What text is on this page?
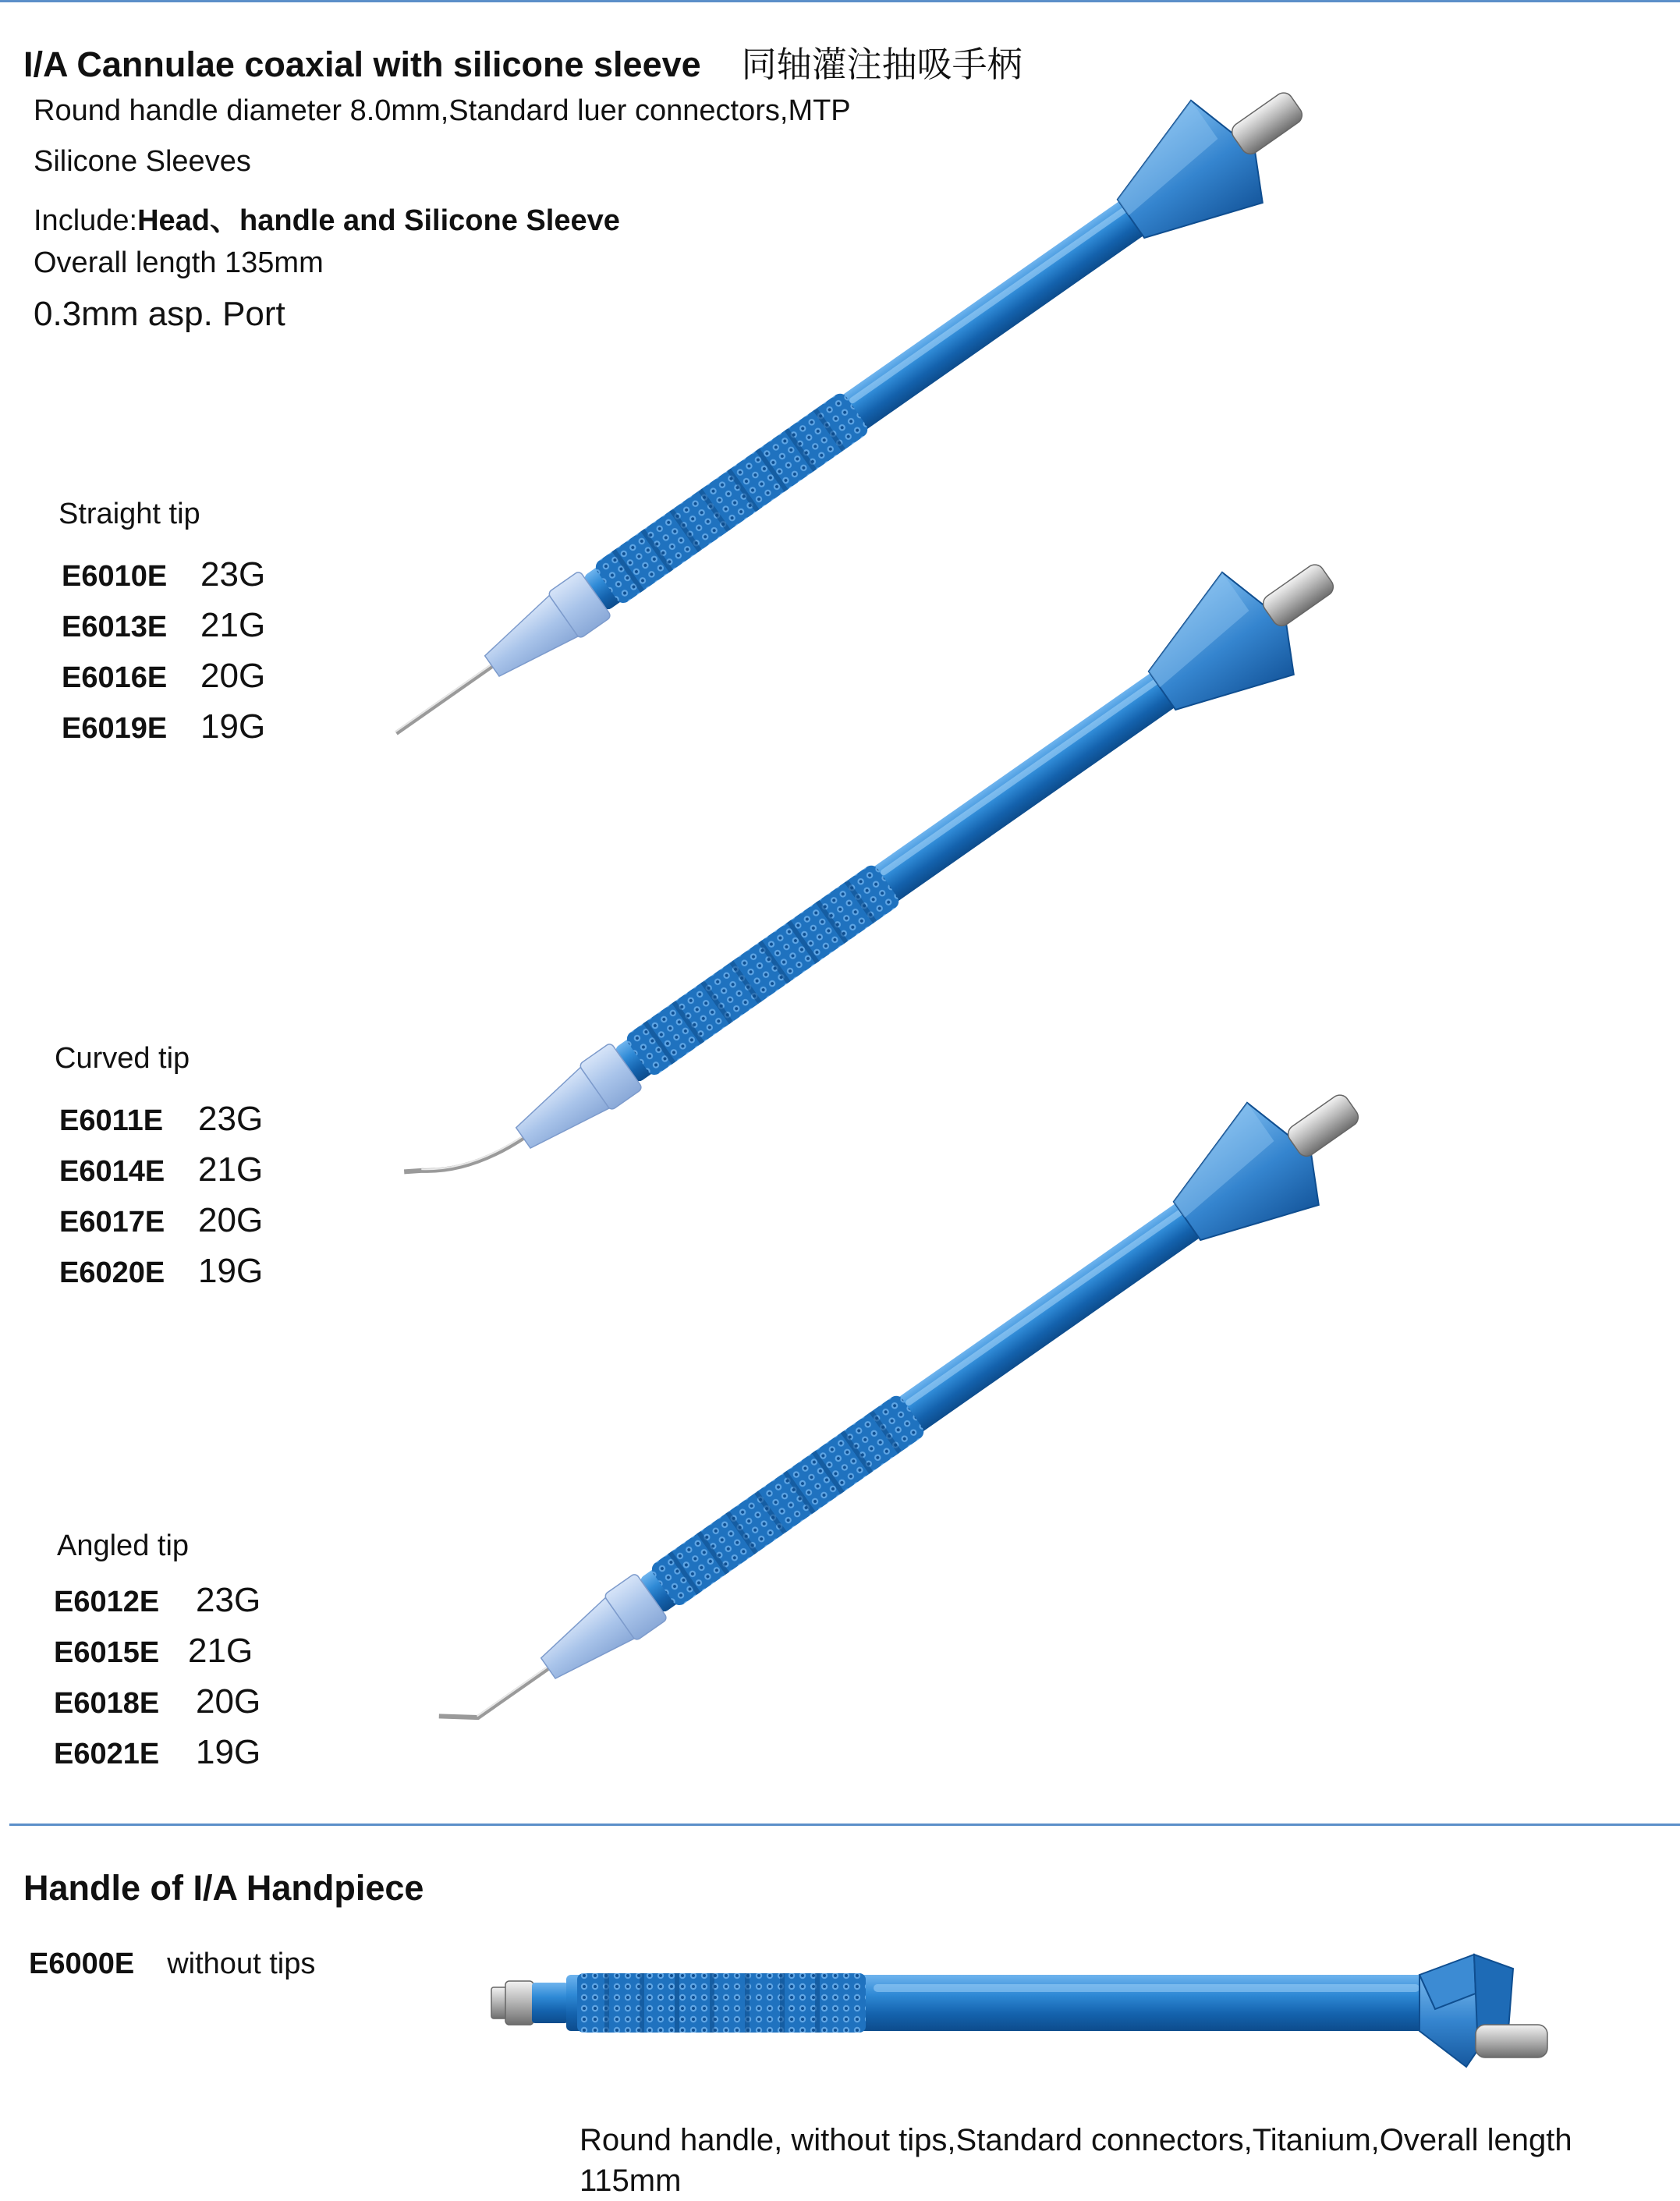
I/A Cannulae coaxial with silicone sleeve 同轴灌注抽吸手柄
Round handle diameter 8.0mm,Standard luer connectors,MTP
Silicone Sleeves
Include:Head、handle and Silicone Sleeve
Overall length 135mm
0.3mm asp. Port
Straight tip
E6010E 23G
E6013E 21G
E6016E 20G
E6019E 19G
Curved tip
E6011E 23G
E6014E 21G
E6017E 20G
E6020E 19G
Angled tip
E6012E 23G
E6015E 21G
E6018E 20G
E6021E 19G
Handle of I/A Handpiece
E6000E without tips
Round handle, without tips,Standard connectors,Titanium,Overall length 115mm
